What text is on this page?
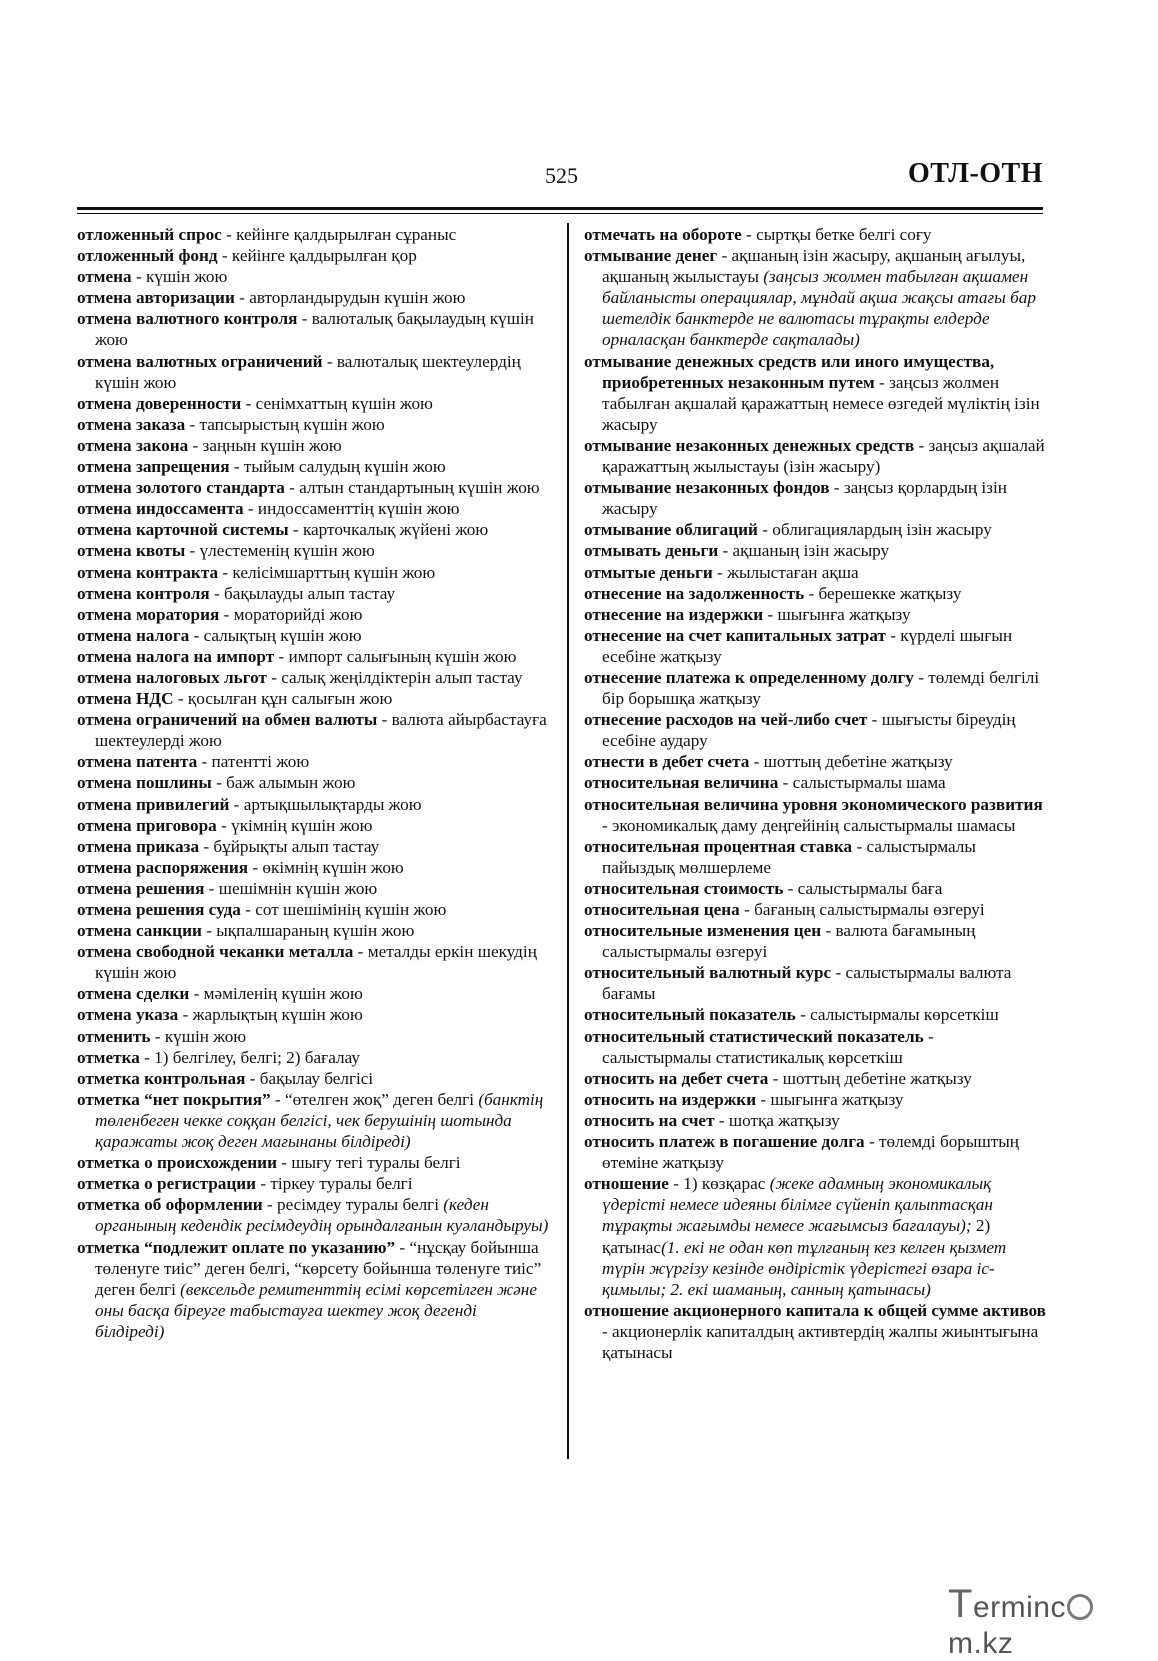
525	ОТЛ-ОТН

отложенный спрос - кейінге қалдырылған сұраныс

отложенный фонд - кейінге қалдырылған қор

отмена - күшін жою

отмена авторизации - авторландырудын күшін жою

отмена валютного контроля - валюталық бақылаудың күшін жою

отмена валютных ограничений - валюталық шектеулердің күшін жою

отмена доверенности - сенімхаттың күшін жою

отмена заказа - тапсырыстың күшін жою

отмена закона - заңнын күшін жою

отмена запрещения - тыйым салудың күшін жою

отмена золотого стандарта - алтын стандартының күшін жою

отмена индоссамента - индоссаменттің күшін жою

отмена карточной системы - карточкалық жүйені жою

отмена квоты - үлестеменің күшін жою

отмена контракта - келісімшарттың күшін жою

отмена контроля - бақылауды алып тастау

отмена моратория - мораторийді жою

отмена налога - салықтың күшін жою

отмена налога на импорт - импорт салығының күшін жою

отмена налоговых льгот - салық жеңілдіктерін алып тастау

отмена НДС - қосылған құн салығын жою

отмена ограничений на обмен валюты - валюта айырбастауға шектеулерді жою

отмена патента - патентті жою

отмена пошлины - баж алымын жою

отмена привилегий - артықшылықтарды жою

отмена приговора - үкімнің күшін жою

отмена приказа - бұйрықты алып тастау

отмена распоряжения - өкімнің күшін жою

отмена решения - шешімнін күшін жою

отмена решения суда - сот шешімінің күшін жою

отмена санкции - ықпалшараның күшін жою

отмена свободной чеканки металла - металды еркін шекудің күшін жою

отмена сделки - мәміленің күшін жою

отмена указа - жарлықтың күшін жою

отменить - күшін жою

отметка - 1) белгілеу, белгі; 2) бағалау

отметка контрольная - бақылау белгісі

отметка “нет покрытия” - “өтелген жоқ” деген белгі (банктің төленбеген чекке соққан белгісі, чек берушінің шотында қаражаты жоқ деген мағынаны білдіреді)

отметка о происхождении - шығу тегі туралы белгі

отметка о регистрации - тіркеу туралы белгі

отметка об оформлении - ресімдеу туралы белгі (кеден органының кедендік ресімдеудің орындалғанын куәландыруы)

отметка “подлежит оплате по указанию” - “нұсқау бойынша төленуге тиіс” деген белгі, “көрсету бойынша төленуге тиіс” деген белгі (вексельде ремитенттің есімі көрсетілген және оны басқа біреуге табыстауға шектеу жоқ дегенді білдіреді)

отмечать на обороте - сыртқы бетке белгі соғу

отмывание денег - ақшаның ізін жасыру, ақшаның ағылуы, ақшаның жылыстауы (заңсыз жолмен табылған ақшамен байланысты операциялар, мұндай ақша жақсы атағы бар шетелдік банктерде не валютасы тұрақты елдерде орналасқан банктерде сақталады)

отмывание денежных средств или иного имущества, приобретенных незаконным путем - заңсыз жолмен табылған ақшалай қаражаттың немесе өзгедей мүліктің ізін жасыру

отмывание незаконных денежных средств - заңсыз ақшалай қаражаттың жылыстауы (ізін жасыру)

отмывание незаконных фондов - заңсыз қорлардың ізін жасыру

отмывание облигаций - облигациялардың ізін жасыру

отмывать деньги - ақшаның ізін жасыру

отмытые деньги - жылыстаған ақша

отнесение на задолженность - берешекке жатқызу

отнесение на издержки - шығынға жатқызу

отнесение на счет капитальных затрат - күрделі шығын есебіне жатқызу

отнесение платежа к определенному долгу - төлемді белгілі бір борышқа жатқызу

отнесение расходов на чей-либо счет - шығысты біреудің есебіне аудару

отнести в дебет счета - шоттың дебетіне жатқызу

относительная величина - салыстырмалы шама

относительная величина уровня экономического развития - экономикалық даму деңгейінің салыстырмалы шамасы

относительная процентная ставка - салыстырмалы пайыздық мөлшерлеме

относительная стоимость - салыстырмалы баға

относительная цена - бағаның салыстырмалы өзгеруі

относительные изменения цен - валюта бағамының салыстырмалы өзгеруі

относительный валютный курс - салыстырмалы валюта бағамы

относительный показатель - салыстырмалы көрсеткіш

относительный статистический показатель - салыстырмалы статистикалық көрсеткіш

относить на дебет счета - шоттың дебетіне жатқызу

относить на издержки - шығынға жатқызу

относить на счет - шотқа жатқызу

относить платеж в погашение долга - төлемді борыштың өтеміне жатқызу

отношение - 1) көзқарас (жеке адамның экономикалық үдерісті немесе идеяны білімге сүйеніп қалыптасқан тұрақты жағымды немесе жағымсыз бағалауы); 2) қатынас(1. екі не одан көп тұлғаның кез келген қызмет түрін жүргізу кезінде өндірістік үдерістегі өзара іс-қимылы; 2. екі шаманың, санның қатынасы)

отношение акционерного капитала к общей сумме активов - акционерлік капиталдың активтердің жалпы жиынтығына қатынасы

Termincm.kz
